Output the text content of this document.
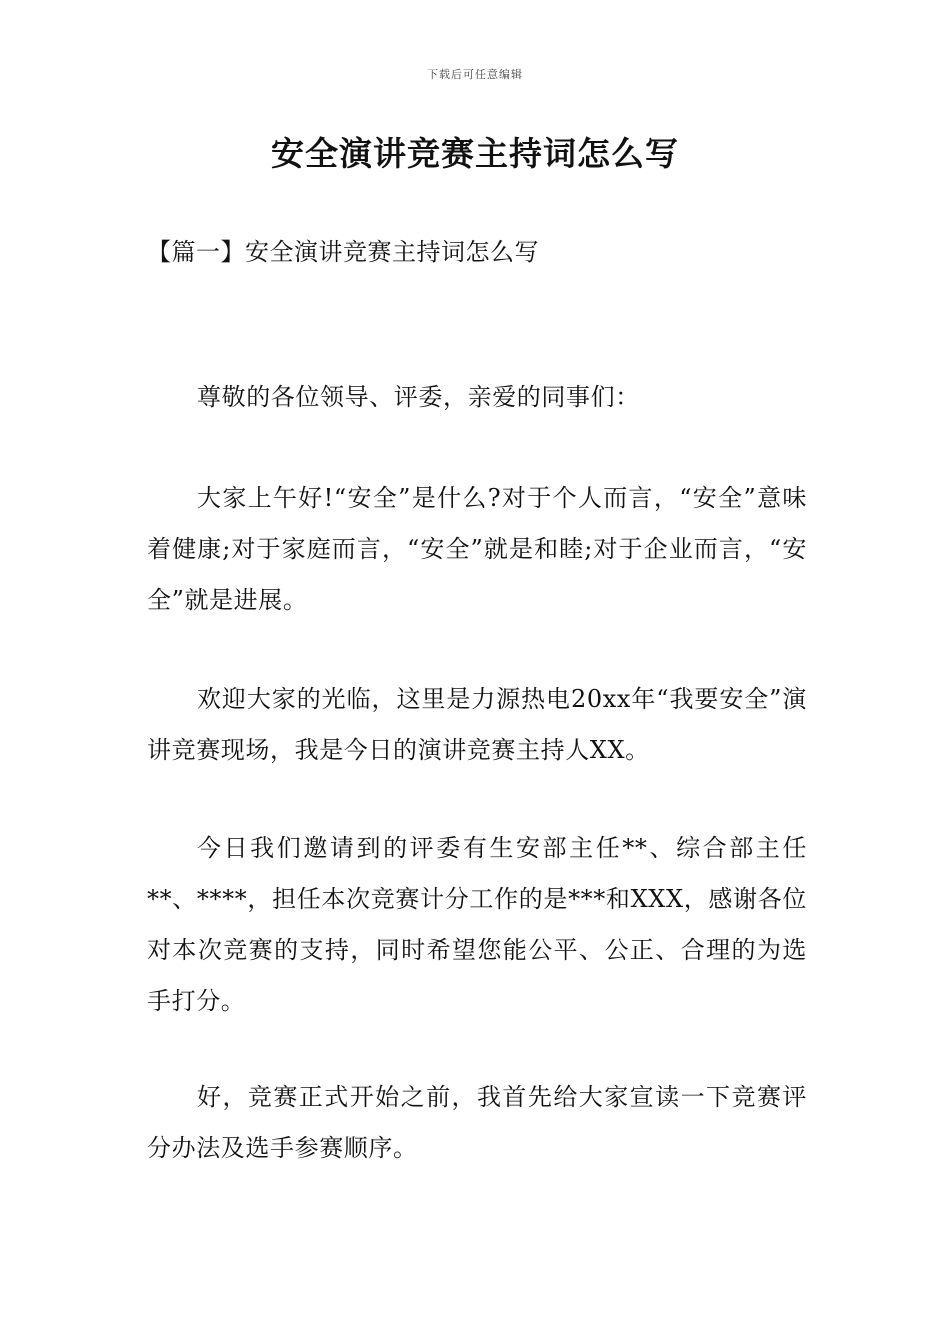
下载后可任意编辑
安全演讲竞赛主持词怎么写
【篇一】安全演讲竞赛主持词怎么写

尊敬的各位领导、评委，亲爱的同事们：

大家上午好!“安全”是什么?对于个人而言，“安全”意味着健康;对于家庭而言，“安全”就是和睦;对于企业而言，“安全”就是进展。

欢迎大家的光临，这里是力源热电20xx年“我要安全”演讲竞赛现场，我是今日的演讲竞赛主持人XX。

今日我们邀请到的评委有生安部主任**、综合部主任**、****，担任本次竞赛计分工作的是***和XXX，感谢各位对本次竞赛的支持，同时希望您能公平、公正、合理的为选手打分。

好，竞赛正式开始之前，我首先给大家宣读一下竞赛评分办法及选手参赛顺序。
